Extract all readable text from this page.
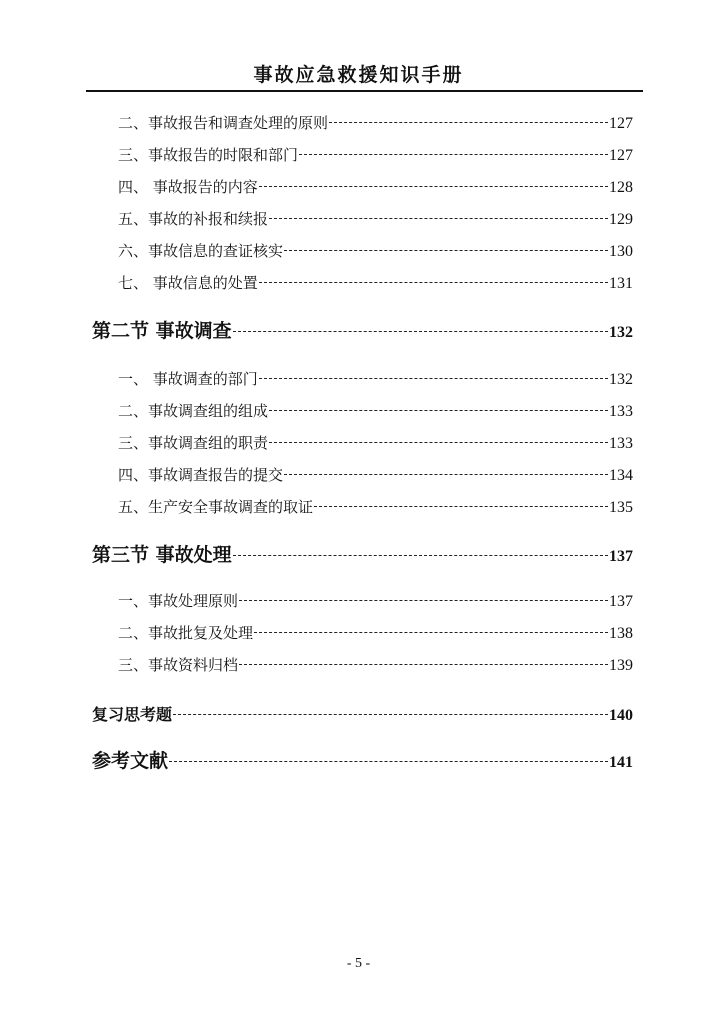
事故应急救援知识手册
二、事故报告和调查处理的原则	127
三、事故报告的时限和部门	127
四、 事故报告的内容	128
五、事故的补报和续报	129
六、事故信息的查证核实	130
七、 事故信息的处置	131
第二节 事故调查	132
一、 事故调查的部门	132
二、事故调查组的组成	133
三、事故调查组的职责	133
四、事故调查报告的提交	134
五、生产安全事故调查的取证	135
第三节 事故处理	137
一、事故处理原则	137
二、事故批复及处理	138
三、事故资料归档	139
复习思考题	140
参考文献	141
- 5 -
